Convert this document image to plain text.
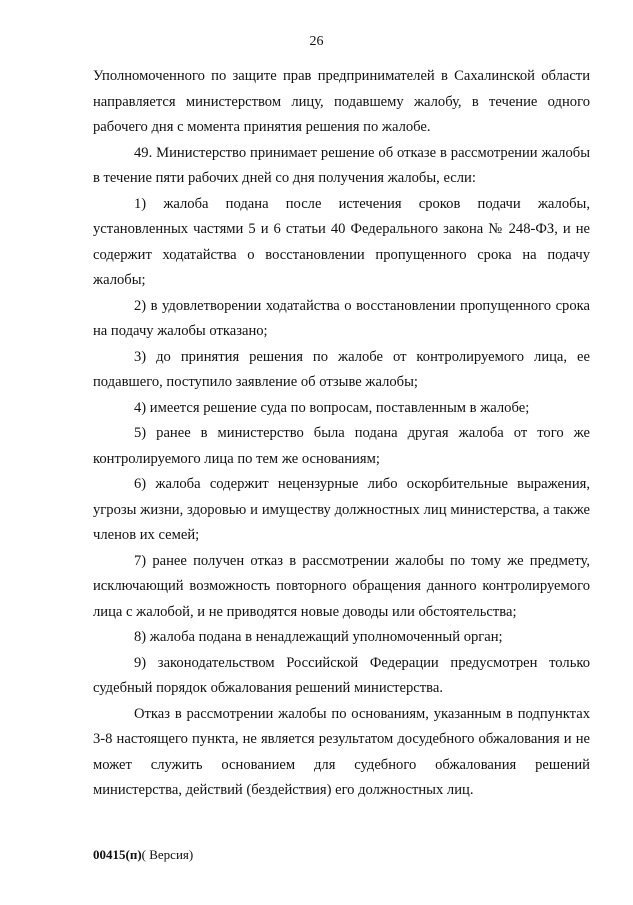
26

Уполномоченного по защите прав предпринимателей в Сахалинской области направляется министерством лицу, подавшему жалобу, в течение одного рабочего дня с момента принятия решения по жалобе.

49. Министерство принимает решение об отказе в рассмотрении жалобы в течение пяти рабочих дней со дня получения жалобы, если:

1) жалоба подана после истечения сроков подачи жалобы, установленных частями 5 и 6 статьи 40 Федерального закона № 248-ФЗ, и не содержит ходатайства о восстановлении пропущенного срока на подачу жалобы;

2) в удовлетворении ходатайства о восстановлении пропущенного срока на подачу жалобы отказано;

3) до принятия решения по жалобе от контролируемого лица, ее подавшего, поступило заявление об отзыве жалобы;

4) имеется решение суда по вопросам, поставленным в жалобе;

5) ранее в министерство была подана другая жалоба от того же контролируемого лица по тем же основаниям;

6) жалоба содержит нецензурные либо оскорбительные выражения, угрозы жизни, здоровью и имуществу должностных лиц министерства, а также членов их семей;

7) ранее получен отказ в рассмотрении жалобы по тому же предмету, исключающий возможность повторного обращения данного контролируемого лица с жалобой, и не приводятся новые доводы или обстоятельства;

8) жалоба подана в ненадлежащий уполномоченный орган;

9) законодательством Российской Федерации предусмотрен только судебный порядок обжалования решений министерства.

Отказ в рассмотрении жалобы по основаниям, указанным в подпунктах 3-8 настоящего пункта, не является результатом досудебного обжалования и не может служить основанием для судебного обжалования решений министерства, действий (бездействия) его должностных лиц.

00415(п)( Версия)
